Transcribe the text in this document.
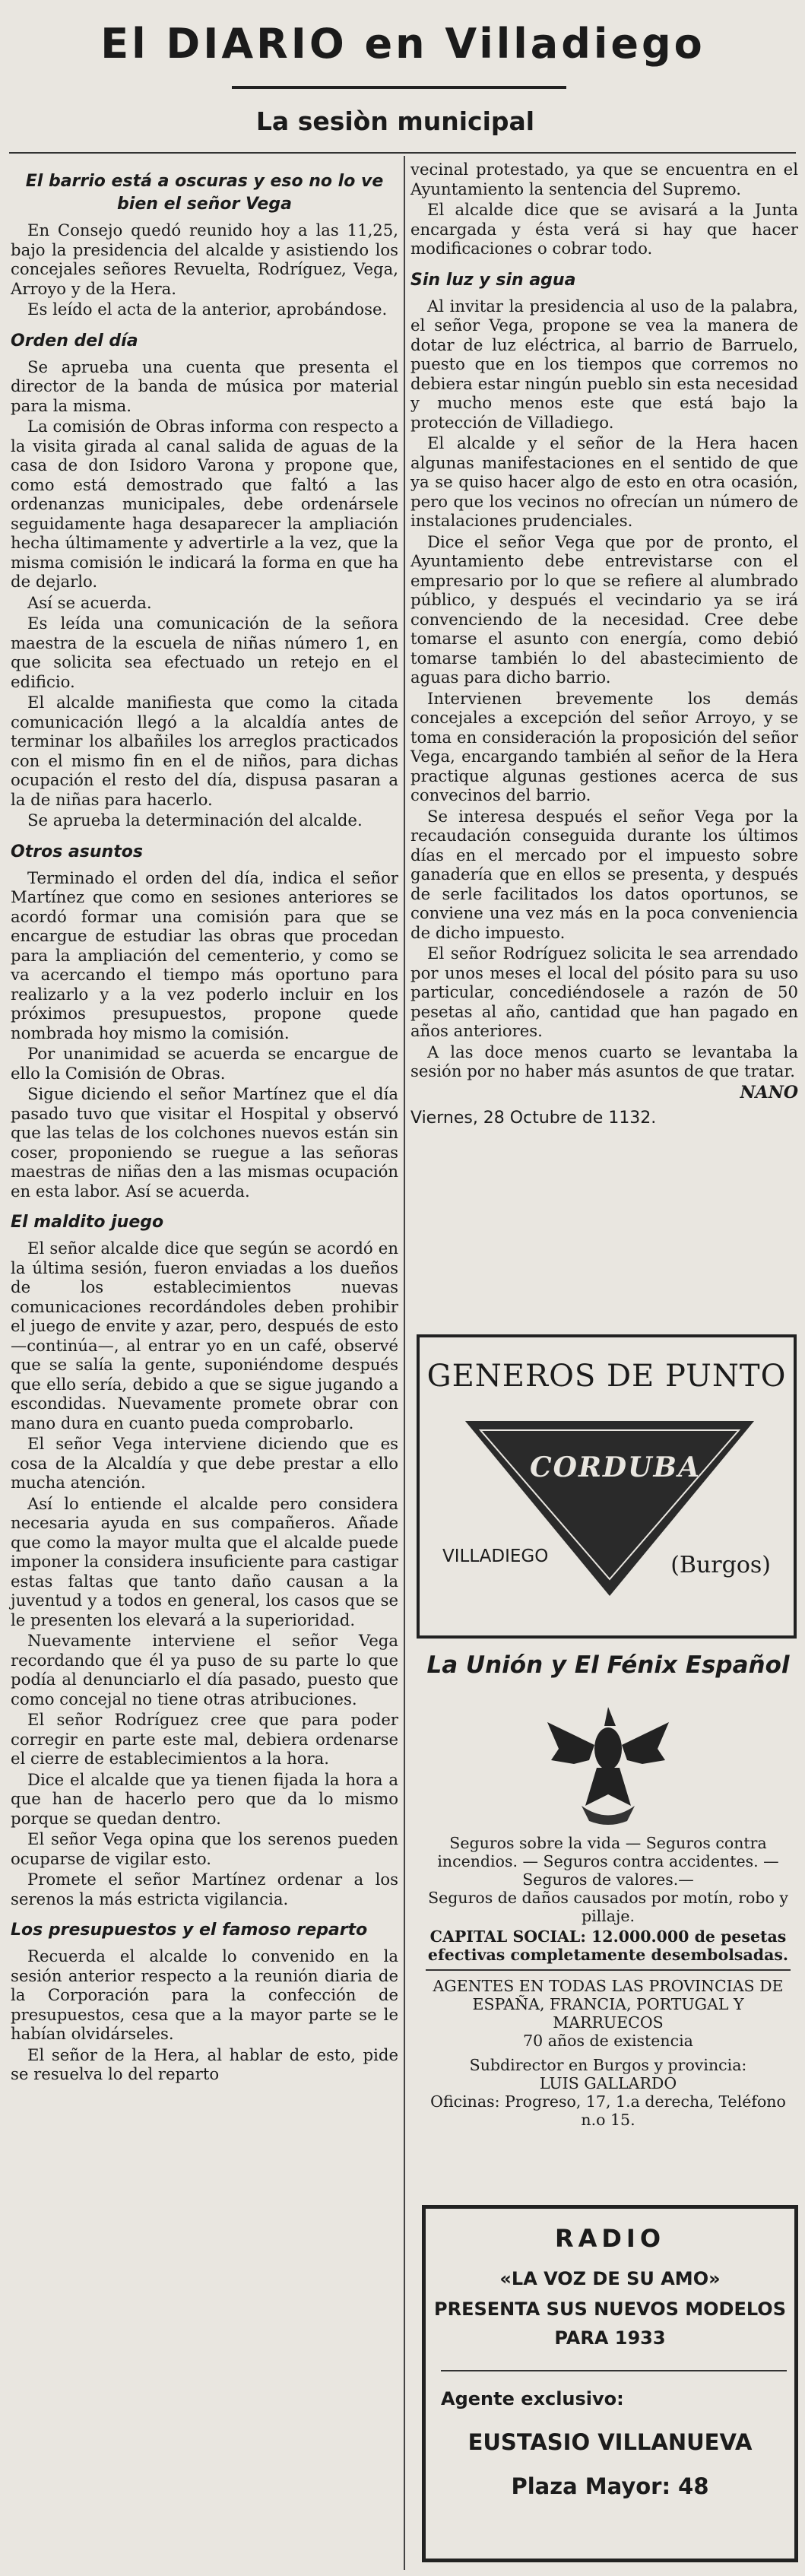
El DIARIO en Villadiego
La sesiòn municipal
El barrio está a oscuras y eso no lo ve bien el señor Vega
En Consejo quedó reunido hoy a las 11,25, bajo la presidencia del alcalde y asistiendo los concejales señores Revuelta, Rodríguez, Vega, Arroyo y de la Hera.
Es leído el acta de la anterior, aprobándose.
Orden del día
Se aprueba una cuenta que presenta el director de la banda de música por material para la misma.
La comisión de Obras informa con respecto a la visita girada al canal salida de aguas de la casa de don Isidoro Varona y propone que, como está demostrado que faltó a las ordenanzas municipales, debe ordenársele seguidamente haga desaparecer la ampliación hecha últimamente y advertirle a la vez, que la misma comisión le indicará la forma en que ha de dejarlo.
Así se acuerda.
Es leída una comunicación de la señora maestra de la escuela de niñas número 1, en que solicita sea efectuado un retejo en el edificio.
El alcalde manifiesta que como la citada comunicación llegó a la alcaldía antes de terminar los albañiles los arreglos practicados con el mismo fin en el de niños, para dichas ocupación el resto del día, dispusa pasaran a la de niñas para hacerlo.
Se aprueba la determinación del alcalde.
Otros asuntos
Terminado el orden del día, indica el señor Martínez que como en sesiones anteriores se acordó formar una comisión para que se encargue de estudiar las obras que procedan para la ampliación del cementerio, y como se va acercando el tiempo más oportuno para realizarlo y a la vez poderlo incluir en los próximos presupuestos, propone quede nombrada hoy mismo la comisión.
Por unanimidad se acuerda se encargue de ello la Comisión de Obras.
Sigue diciendo el señor Martínez que el día pasado tuvo que visitar el Hospital y observó que las telas de los colchones nuevos están sin coser, proponiendo se ruegue a las señoras maestras de niñas den a las mismas ocupación en esta labor. Así se acuerda.
El maldito juego
El señor alcalde dice que según se acordó en la última sesión, fueron enviadas a los dueños de los establecimientos nuevas comunicaciones recordándoles deben prohibir el juego de envite y azar, pero, después de esto —continúa—, al entrar yo en un café, observé que se salía la gente, suponiéndome después que ello sería, debido a que se sigue jugando a escondidas. Nuevamente promete obrar con mano dura en cuanto pueda comprobarlo.
El señor Vega interviene diciendo que es cosa de la Alcaldía y que debe prestar a ello mucha atención.
Así lo entiende el alcalde pero considera necesaria ayuda en sus compañeros. Añade que como la mayor multa que el alcalde puede imponer la considera insuficiente para castigar estas faltas que tanto daño causan a la juventud y a todos en general, los casos que se le presenten los elevará a la superioridad.
Nuevamente interviene el señor Vega recordando que él ya puso de su parte lo que podía al denunciarlo el día pasado, puesto que como concejal no tiene otras atribuciones.
El señor Rodríguez cree que para poder corregir en parte este mal, debiera ordenarse el cierre de establecimientos a la hora.
Dice el alcalde que ya tienen fijada la hora a que han de hacerlo pero que da lo mismo porque se quedan dentro.
El señor Vega opina que los serenos pueden ocuparse de vigilar esto.
Promete el señor Martínez ordenar a los serenos la más estricta vigilancia.
Los presupuestos y el famoso reparto
Recuerda el alcalde lo convenido en la sesión anterior respecto a la reunión diaria de la Corporación para la confección de presupuestos, cesa que a la mayor parte se le habían olvidárseles.
El señor de la Hera, al hablar de esto, pide se resuelva lo del reparto
vecinal protestado, ya que se encuentra en el Ayuntamiento la sentencia del Supremo.
El alcalde dice que se avisará a la Junta encargada y ésta verá si hay que hacer modificaciones o cobrar todo.
Sin luz y sin agua
Al invitar la presidencia al uso de la palabra, el señor Vega, propone se vea la manera de dotar de luz eléctrica, al barrio de Barruelo, puesto que en los tiempos que corremos no debiera estar ningún pueblo sin esta necesidad y mucho menos este que está bajo la protección de Villadiego.
El alcalde y el señor de la Hera hacen algunas manifestaciones en el sentido de que ya se quiso hacer algo de esto en otra ocasión, pero que los vecinos no ofrecían un número de instalaciones prudenciales.
Dice el señor Vega que por de pronto, el Ayuntamiento debe entrevistarse con el empresario por lo que se refiere al alumbrado público, y después el vecindario ya se irá convenciendo de la necesidad. Cree debe tomarse el asunto con energía, como debió tomarse también lo del abastecimiento de aguas para dicho barrio.
Intervienen brevemente los demás concejales a excepción del señor Arroyo, y se toma en consideración la proposición del señor Vega, encargando también al señor de la Hera practique algunas gestiones acerca de sus convecinos del barrio.
Se interesa después el señor Vega por la recaudación conseguida durante los últimos días en el mercado por el impuesto sobre ganadería que en ellos se presenta, y después de serle facilitados los datos oportunos, se conviene una vez más en la poca conveniencia de dicho impuesto.
El señor Rodríguez solicita le sea arrendado por unos meses el local del pósito para su uso particular, concediéndosele a razón de 50 pesetas al año, cantidad que han pagado en años anteriores.
A las doce menos cuarto se levantaba la sesión por no haber más asuntos de que tratar.
NANO
Viernes, 28 Octubre de 1132.
GENEROS DE PUNTO
CORDUBA
VILLADIEGO	(Burgos)
La Unión y El Fénix Español
Seguros sobre la vida — Seguros contra incendios. — Seguros contra accidentes. — Seguros de valores.—
Seguros de daños causados por motín, robo y pillaje.
CAPITAL SOCIAL: 12.000.000 de pesetas efectivas completamente desembolsadas.
AGENTES EN TODAS LAS PROVINCIAS DE ESPAÑA, FRANCIA, PORTUGAL Y MARRUECOS
70 años de existencia
Subdirector en Burgos y provincia:
LUIS GALLARDO
Oficinas: Progreso, 17, 1.a derecha, Teléfono n.o 15.
RADIO
«LA VOZ DE SU AMO»
PRESENTA SUS NUEVOS MODELOS
PARA 1933
Agente exclusivo:
EUSTASIO VILLANUEVA
Plaza Mayor: 48
